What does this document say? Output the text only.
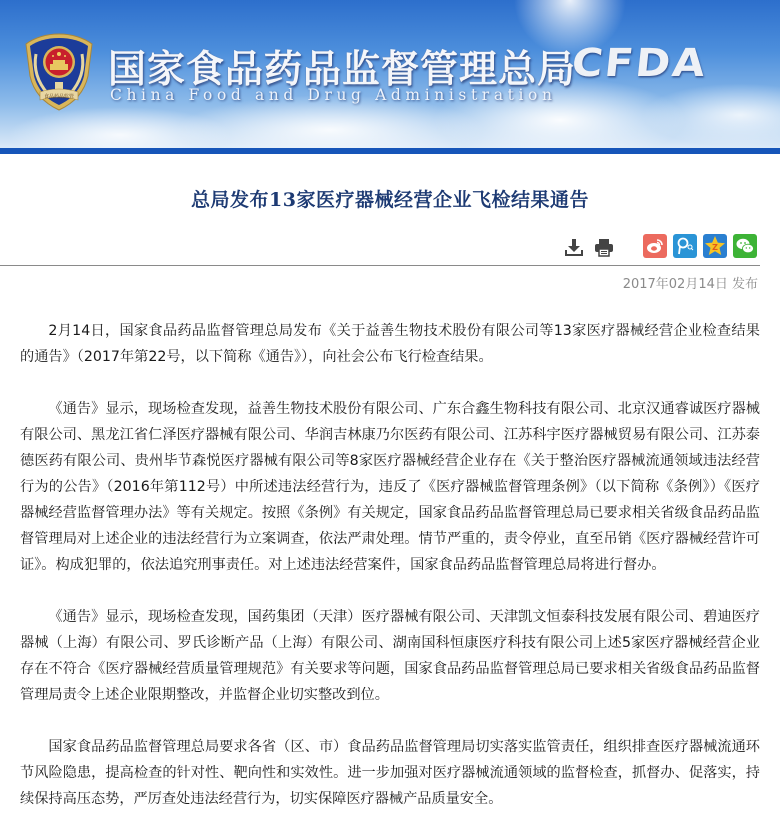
食品药品监管
国家食品药品监督管理总局
China Food and Drug Administration
CFDA
总局发布13家医疗器械经营企业飞检结果通告
Z
2017年02月14日 发布

2月14日，国家食品药品监督管理总局发布《关于益善生物技术股份有限公司等13家医疗器械经营企业检查结果的通告》（2017年第22号，以下简称《通告》），向社会公布飞行检查结果。

《通告》显示，现场检查发现，益善生物技术股份有限公司、广东合鑫生物科技有限公司、北京汉通睿诚医疗器械有限公司、黑龙江省仁泽医疗器械有限公司、华润吉林康乃尔医药有限公司、江苏科宇医疗器械贸易有限公司、江苏泰德医药有限公司、贵州毕节森悦医疗器械有限公司等8家医疗器械经营企业存在《关于整治医疗器械流通领域违法经营行为的公告》（2016年第112号）中所述违法经营行为，违反了《医疗器械监督管理条例》（以下简称《条例》）《医疗器械经营监督管理办法》等有关规定。按照《条例》有关规定，国家食品药品监督管理总局已要求相关省级食品药品监督管理局对上述企业的违法经营行为立案调查，依法严肃处理。情节严重的，责令停业，直至吊销《医疗器械经营许可证》。构成犯罪的，依法追究刑事责任。对上述违法经营案件，国家食品药品监督管理总局将进行督办。

《通告》显示，现场检查发现，国药集团（天津）医疗器械有限公司、天津凯文恒泰科技发展有限公司、碧迪医疗器械（上海）有限公司、罗氏诊断产品（上海）有限公司、湖南国科恒康医疗科技有限公司上述5家医疗器械经营企业存在不符合《医疗器械经营质量管理规范》有关要求等问题，国家食品药品监督管理总局已要求相关省级食品药品监督管理局责令上述企业限期整改，并监督企业切实整改到位。

国家食品药品监督管理总局要求各省（区、市）食品药品监督管理局切实落实监管责任，组织排查医疗器械流通环节风险隐患，提高检查的针对性、靶向性和实效性。进一步加强对医疗器械流通领域的监督检查，抓督办、促落实，持续保持高压态势，严厉查处违法经营行为，切实保障医疗器械产品质量安全。
